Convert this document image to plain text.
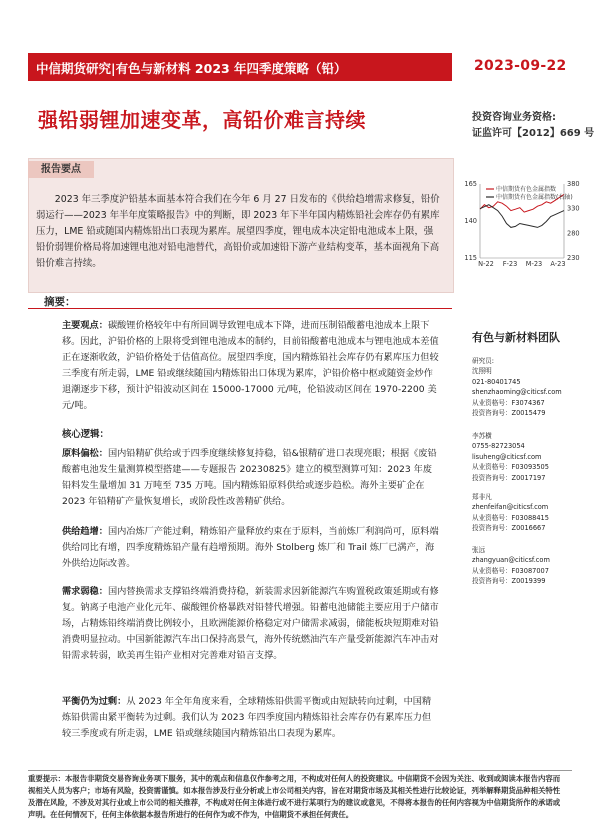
中信期货研究|有色与新材料 2023 年四季度策略（铅）	2023-09-22
强铅弱锂加速变革，高铅价难言持续	投资咨询业务资格:
证监许可【2012】669 号
报告要点
2023 年三季度沪铅基本面基本符合我们在今年 6 月 27 日发布的《供给趋增需求修复，铅价弱运行——2023 年半年度策略报告》中的判断，即 2023 年下半年国内精炼铅社会库存仍有累库压力，LME 铅或随国内精炼铅出口表现为累库。展望四季度，锂电成本决定铅电池成本上限，强铅价弱锂价格局将加速锂电池对铅电池替代，高铅价或加速铅下游产业结构变革，基本面视角下高铅价难言持续。	115
140
165
230
280
330
380
N-22 F-23 M-23 A-23
中信期货有色金属指数
中信期货有色金属指数(右轴)
摘要：
主要观点：碳酸锂价格较年中有所回调导致锂电成本下降，进而压制铅酸蓄电池成本上限下移。因此，沪铅价格的上限将受到锂电池成本的制约，目前铅酸蓄电池成本与锂电池成本差值正在逐渐收敛，沪铅价格处于估值高位。展望四季度，国内精炼铅社会库存仍有累库压力但较三季度有所走弱，LME 铅或继续随国内精炼铅出口体现为累库，沪铅价格中枢或随资金炒作退潮逐步下移，预计沪铅波动区间在 15000-17000 元/吨，伦铅波动区间在 1970-2200 美元/吨。
核心逻辑：
原料偏松：国内铅精矿供给或于四季度继续修复持稳，铅&银精矿进口表现亮眼；根据《废铅酸蓄电池发生量测算模型搭建——专题报告 20230825》建立的模型测算可知：2023 年废铅料发生量增加 31 万吨至 735 万吨。国内精炼铅原料供给或逐步趋松。海外主要矿企在 2023 年铅精矿产量恢复增长，或阶段性改善精矿供给。
供给趋增：国内冶炼厂产能过剩，精炼铅产量释放约束在于原料，当前炼厂利润尚可，原料端供给同比有增，四季度精炼铅产量有趋增预期。海外 Stolberg 炼厂和 Trail 炼厂已满产，海外供给边际改善。
需求弱稳：国内替换需求支撑铅终端消费持稳，新装需求因新能源汽车购置税政策延期或有修复。钠离子电池产业化元年、碳酸锂价格暴跌对铅替代增强。铅蓄电池储能主要应用于户储市场，占精炼铅终端消费比例较小，且欧洲能源价格稳定对户储需求减弱，储能板块短期难对铅消费明显拉动。中国新能源汽车出口保持高景气，海外传统燃油汽车产量受新能源汽车冲击对铅需求转弱，欧美再生铅产业相对完善难对铅言支撑。
平衡仍为过剩：从 2023 年全年角度来看，全球精炼铅供需平衡或由短缺转向过剩，中国精炼铅供需由紧平衡转为过剩。我们认为 2023 年四季度国内精炼铅社会库存仍有累库压力但较三季度或有所走弱，LME 铅或继续随国内精炼铅出口表现为累库。
有色与新材料团队
研究员:
沈照明
021-80401745
shenzhaoming@citicsf.com
从业资格号：F3074367
投资咨询号：Z0015479
李苏横
0755-82723054
lisuheng@citicsf.com
从业资格号：F03093505
投资咨询号：Z0017197
郑非凡
zhenfeifan@citicsf.com
从业资格号：F03088415
投资咨询号：Z0016667
张远
zhangyuan@citicsf.com
从业资格号：F03087007
投资咨询号：Z0019399
重要提示：本报告非期货交易咨询业务项下服务，其中的观点和信息仅作参考之用，不构成对任何人的投资建议。中信期货不会因为关注、收到或阅读本报告内容而视相关人员为客户；市场有风险，投资需谨慎。如本报告涉及行业分析或上市公司相关内容，旨在对期货市场及其相关性进行比较论证，列举解释期货品种相关特性及潜在风险，不涉及对其行业或上市公司的相关推荐，不构成对任何主体进行或不进行某项行为的建议或意见，不得将本报告的任何内容视为中信期货所作的承诺或声明。在任何情况下，任何主体依据本报告所进行的任何作为或不作为，中信期货不承担任何责任。
